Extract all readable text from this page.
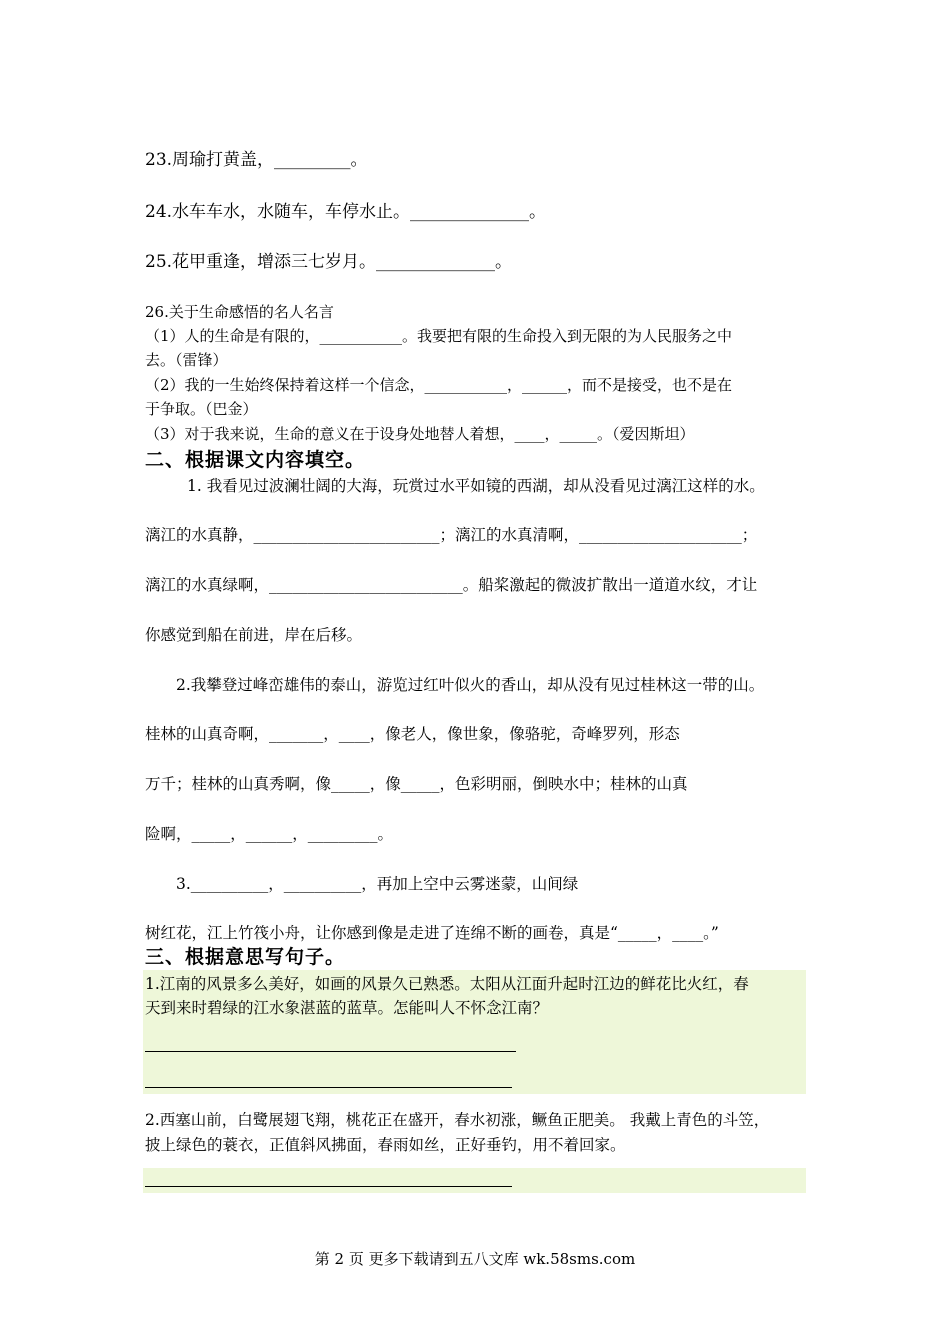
23.周瑜打黄盖，_________。
24.水车车水，水随车，车停水止。______________。
25.花甲重逢，增添三七岁月。______________。
26.关于生命感悟的名人名言
（1）人的生命是有限的，___________。我要把有限的生命投入到无限的为人民服务之中
去。（雷锋）
（2）我的一生始终保持着这样一个信念，___________，______，而不是接受，也不是在
于争取。（巴金）
（3）对于我来说，生命的意义在于设身处地替人着想，____，_____。（爱因斯坦）
二、根据课文内容填空。
1. 我看见过波澜壮阔的大海，玩赏过水平如镜的西湖，却从没看见过漓江这样的水。
漓江的水真静，________________________；漓江的水真清啊，_____________________；
漓江的水真绿啊，_________________________。船桨激起的微波扩散出一道道水纹，才让
你感觉到船在前进，岸在后移。
2.我攀登过峰峦雄伟的泰山，游览过红叶似火的香山，却从没有见过桂林这一带的山。
桂林的山真奇啊，_______，____，像老人，像世象，像骆驼，奇峰罗列，形态
万千；桂林的山真秀啊，像_____，像_____，色彩明丽，倒映水中；桂林的山真
险啊，_____，______，_________。
3.__________，__________，再加上空中云雾迷蒙，山间绿
树红花，江上竹筏小舟，让你感到像是走进了连绵不断的画卷，真是“_____，____。”
三、根据意思写句子。
1.江南的风景多么美好，如画的风景久已熟悉。太阳从江面升起时江边的鲜花比火红，春
天到来时碧绿的江水象湛蓝的蓝草。怎能叫人不怀念江南？
2.西塞山前，白鹭展翅飞翔，桃花正在盛开，春水初涨，鳜鱼正肥美。 我戴上青色的斗笠，
披上绿色的蓑衣，正值斜风拂面，春雨如丝，正好垂钓，用不着回家。
第 2 页 更多下载请到五八文库 wk.58sms.com
